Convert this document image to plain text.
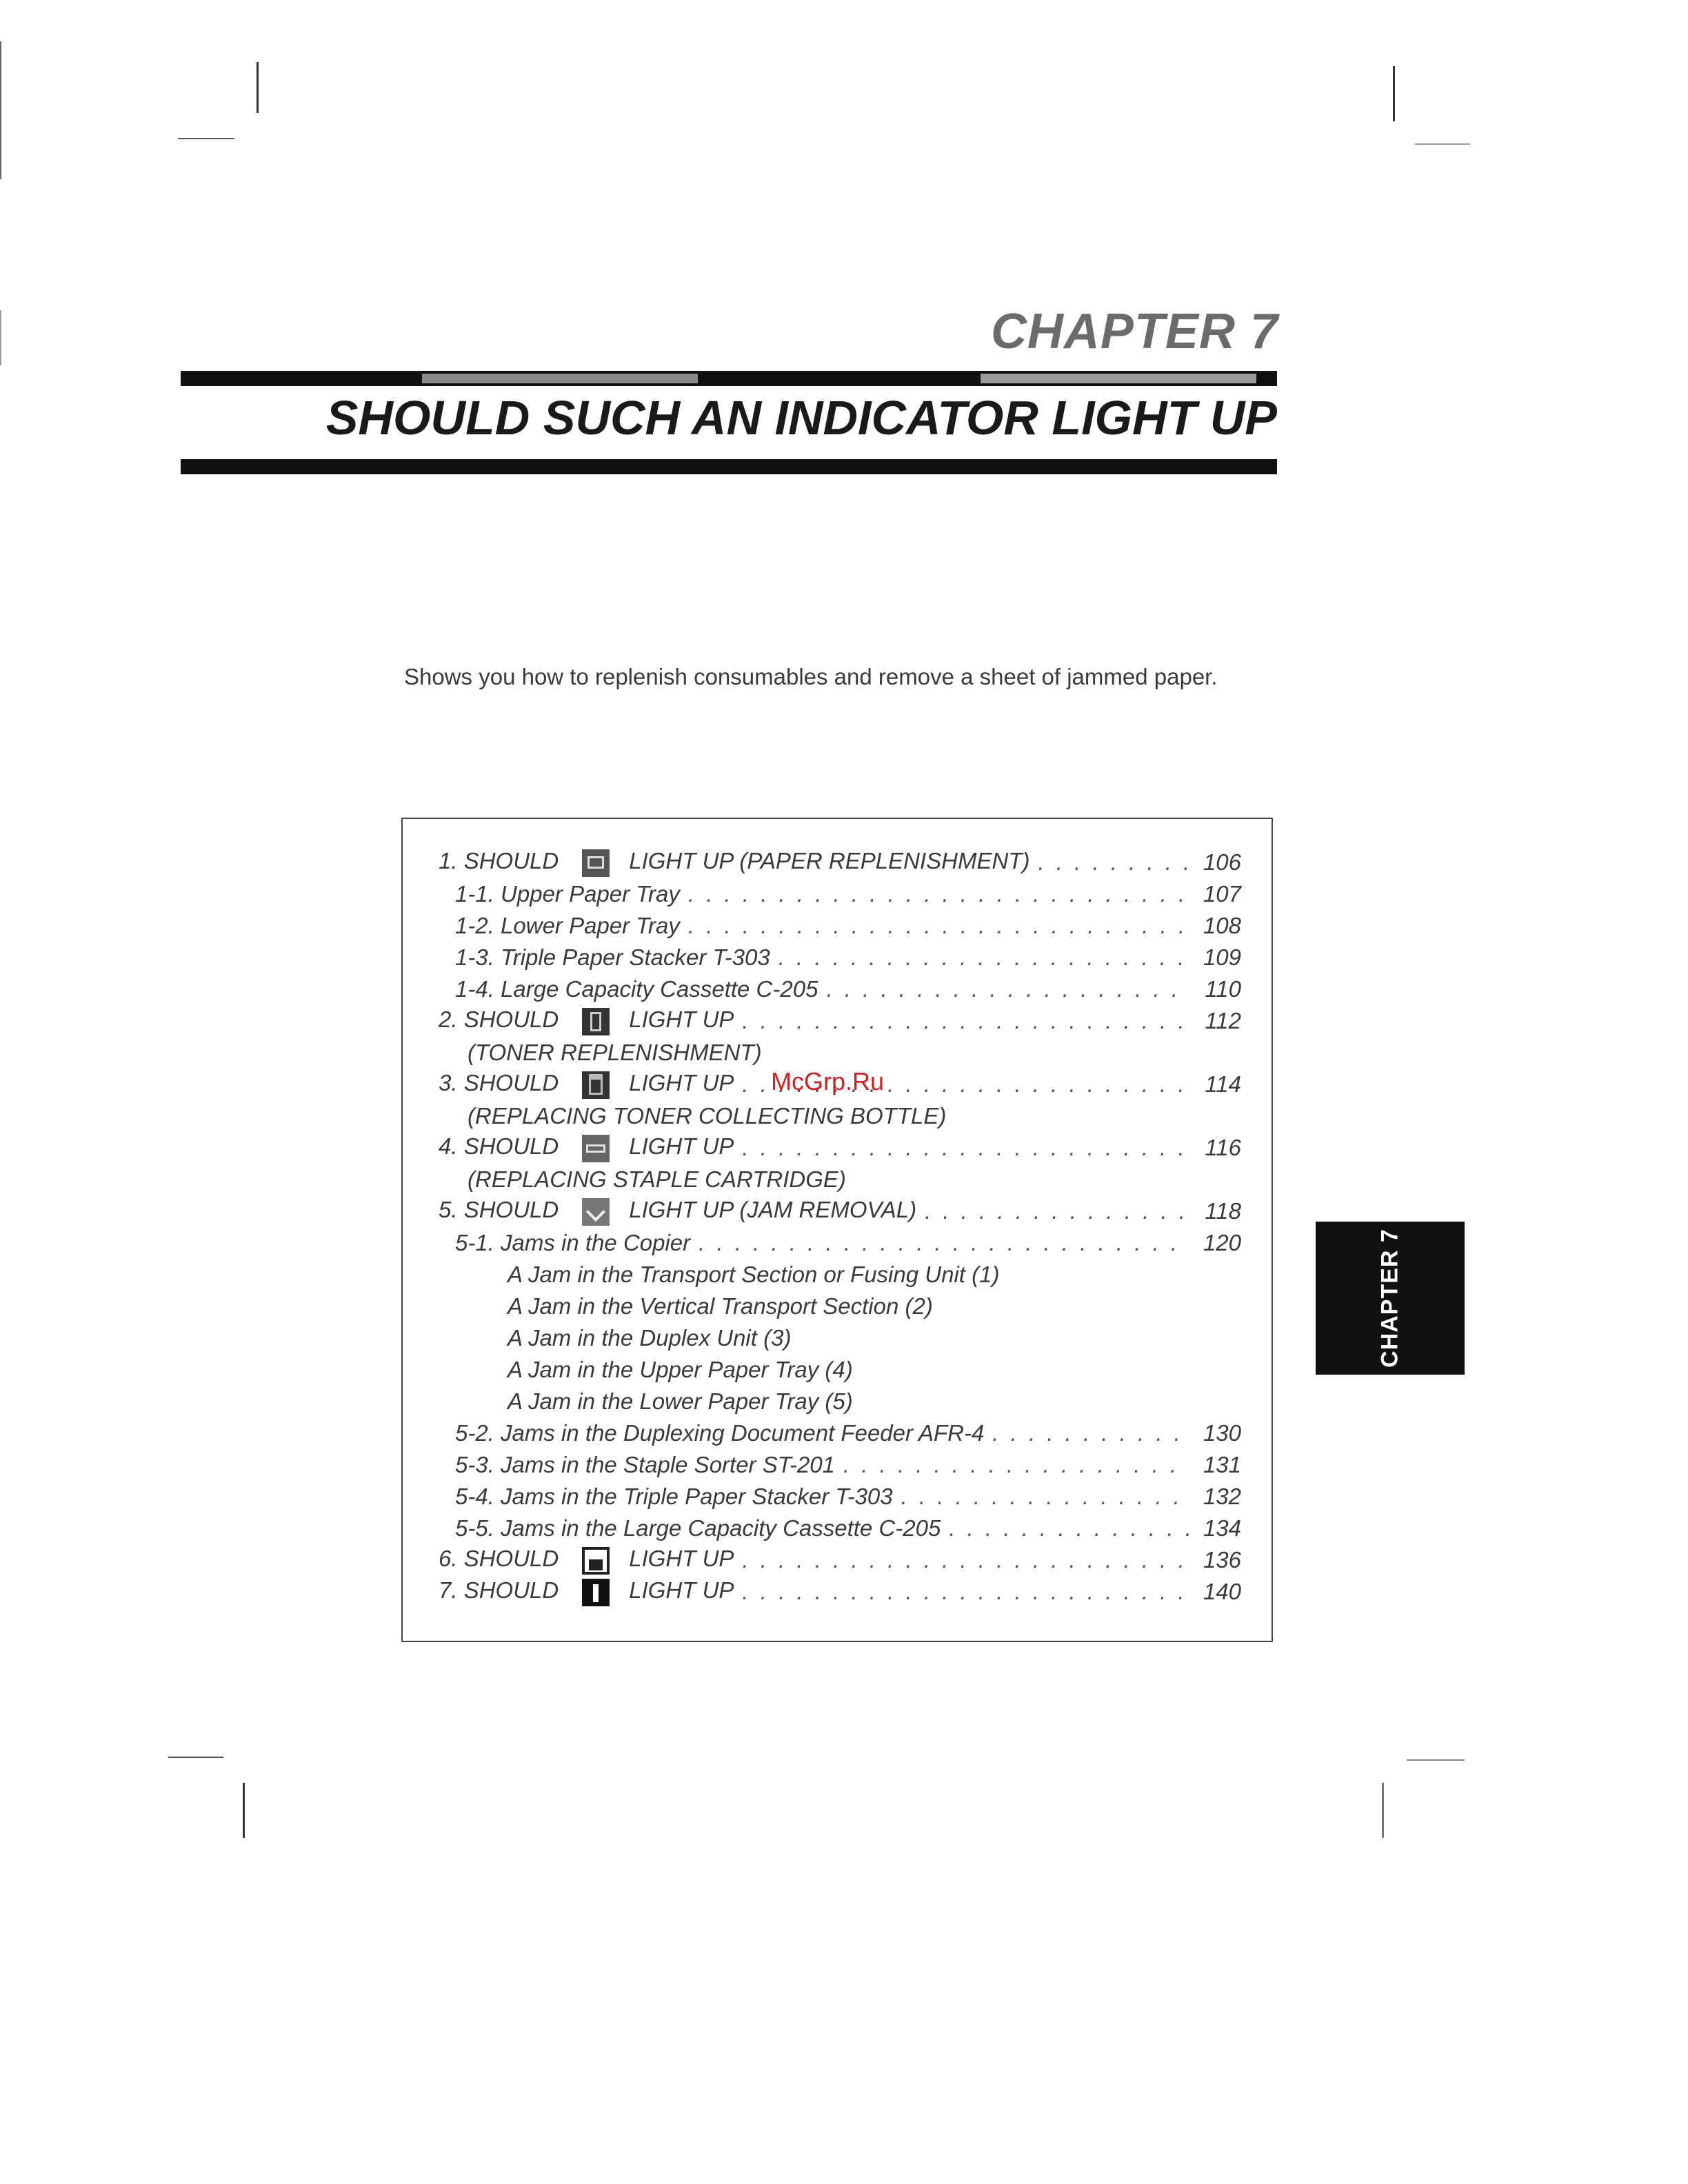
CHAPTER 7
SHOULD SUCH AN INDICATOR LIGHT UP
Shows you how to replenish consumables and remove a sheet of jammed paper.
1. SHOULD	LIGHT UP (PAPER REPLENISHMENT) . . .	106
1-1. Upper Paper Tray . . .	107
1-2. Lower Paper Tray . . .	108
1-3. Triple Paper Stacker T-303 . . .	109
1-4. Large Capacity Cassette C-205 . . .	110
2. SHOULD	LIGHT UP . . .	112
(TONER REPLENISHMENT)
3. SHOULD	LIGHT UP . . .	114
(REPLACING TONER COLLECTING BOTTLE)
4. SHOULD	LIGHT UP . . .	116
(REPLACING STAPLE CARTRIDGE)
5. SHOULD	LIGHT UP (JAM REMOVAL) . . .	118
5-1. Jams in the Copier . . .	120
A Jam in the Transport Section or Fusing Unit (1)
A Jam in the Vertical Transport Section (2)
A Jam in the Duplex Unit (3)
A Jam in the Upper Paper Tray (4)
A Jam in the Lower Paper Tray (5)
5-2. Jams in the Duplexing Document Feeder AFR-4 . . .	130
5-3. Jams in the Staple Sorter ST-201 . . .	131
5-4. Jams in the Triple Paper Stacker T-303 . . .	132
5-5. Jams in the Large Capacity Cassette C-205 . . .	134
6. SHOULD	LIGHT UP . . .	136
7. SHOULD	LIGHT UP . . .	140
McGrp.Ru
CHAPTER 7
